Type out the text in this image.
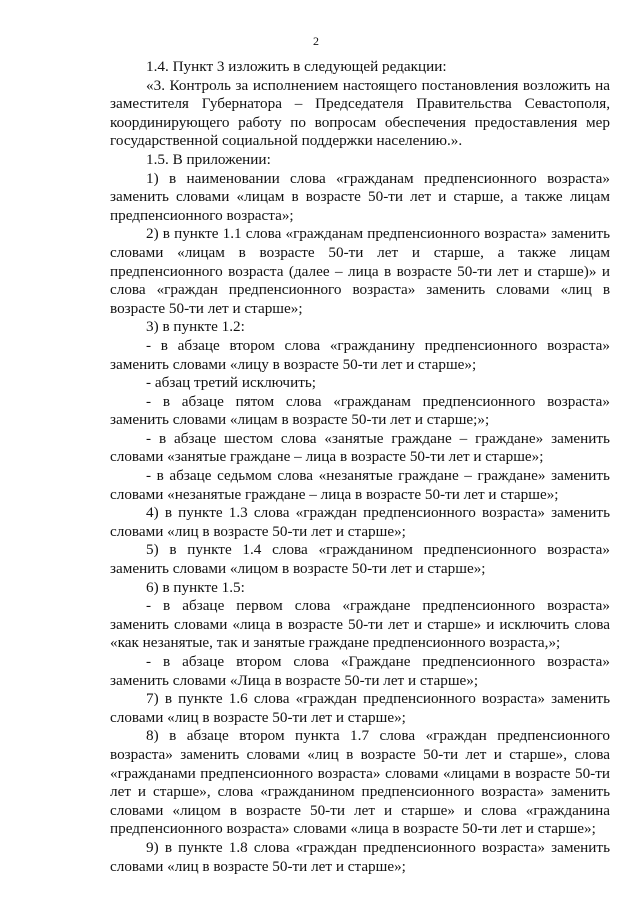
2

1.4. Пункт 3 изложить в следующей редакции:

«3. Контроль за исполнением настоящего постановления возложить на заместителя Губернатора – Председателя Правительства Севастополя, координирующего работу по вопросам обеспечения предоставления мер государственной социальной поддержки населению.».

1.5. В приложении:

1) в наименовании слова «гражданам предпенсионного возраста» заменить словами «лицам в возрасте 50-ти лет и старше, а также лицам предпенсионного возраста»;

2) в пункте 1.1 слова «гражданам предпенсионного возраста» заменить словами «лицам в возрасте 50-ти лет и старше, а также лицам предпенсионного возраста (далее – лица в возрасте 50-ти лет и старше)» и слова «граждан предпенсионного возраста» заменить словами «лиц в возрасте 50-ти лет и старше»;

3) в пункте 1.2:

- в абзаце втором слова «гражданину предпенсионного возраста» заменить словами «лицу в возрасте 50-ти лет и старше»;

- абзац третий исключить;

- в абзаце пятом слова «гражданам предпенсионного возраста» заменить словами «лицам в возрасте 50-ти лет и старше;»;

- в абзаце шестом слова «занятые граждане – граждане» заменить словами «занятые граждане – лица в возрасте 50-ти лет и старше»;

- в абзаце седьмом слова «незанятые граждане – граждане» заменить словами «незанятые граждане – лица в возрасте 50-ти лет и старше»;

4) в пункте 1.3 слова «граждан предпенсионного возраста» заменить словами «лиц в возрасте 50-ти лет и старше»;

5) в пункте 1.4 слова «гражданином предпенсионного возраста» заменить словами «лицом в возрасте 50-ти лет и старше»;

6) в пункте 1.5:

- в абзаце первом слова «граждане предпенсионного возраста» заменить словами «лица в возрасте 50-ти лет и старше» и исключить слова «как незанятые, так и занятые граждане предпенсионного возраста,»;

- в абзаце втором слова «Граждане предпенсионного возраста» заменить словами «Лица в возрасте 50-ти лет и старше»;

7) в пункте 1.6 слова «граждан предпенсионного возраста» заменить словами «лиц в возрасте 50-ти лет и старше»;

8) в абзаце втором пункта 1.7 слова «граждан предпенсионного возраста» заменить словами «лиц в возрасте 50-ти лет и старше», слова «гражданами предпенсионного возраста» словами «лицами в возрасте 50-ти лет и старше», слова «гражданином предпенсионного возраста» заменить словами «лицом в возрасте 50-ти лет и старше» и слова «гражданина предпенсионного возраста» словами «лица в возрасте 50-ти лет и старше»;

9) в пункте 1.8 слова «граждан предпенсионного возраста» заменить словами «лиц в возрасте 50-ти лет и старше»;
